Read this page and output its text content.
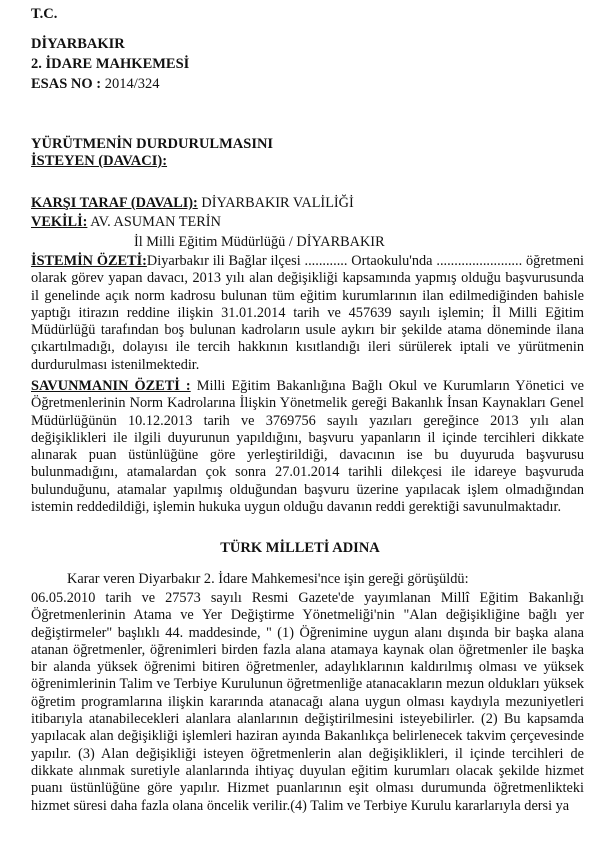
T.C.
DİYARBAKIR
2. İDARE MAHKEMESİ
ESAS NO : 2014/324
YÜRÜTMENİN DURDURULMASINI
İSTEYEN (DAVACI):
KARŞI TARAF (DAVALI): DİYARBAKIR VALİLİĞİ
VEKİLİ: AV. ASUMAN TERİN
İl Milli Eğitim Müdürlüğü / DİYARBAKIR
İSTEMİN ÖZETİ:Diyarbakır ili Bağlar ilçesi ............ Ortaokulu'nda ........................ öğretmeni olarak görev yapan davacı, 2013 yılı alan değişikliği kapsamında yapmış olduğu başvurusunda il genelinde açık norm kadrosu bulunan tüm eğitim kurumlarının ilan edilmediğinden bahisle yaptığı itirazın reddine ilişkin 31.01.2014 tarih ve 457639 sayılı işlemin; İl Milli Eğitim Müdürlüğü tarafından boş bulunan kadroların usule aykırı bir şekilde atama döneminde ilana çıkartılmadığı, dolayısı ile tercih hakkının kısıtlandığı ileri sürülerek iptali ve yürütmenin durdurulması istenilmektedir.
SAVUNMANIN ÖZETİ : Milli Eğitim Bakanlığına Bağlı Okul ve Kurumların Yönetici ve Öğretmenlerinin Norm Kadrolarına İlişkin Yönetmelik gereği Bakanlık İnsan Kaynakları Genel Müdürlüğünün 10.12.2013 tarih ve 3769756 sayılı yazıları gereğince 2013 yılı alan değişiklikleri ile ilgili duyurunun yapıldığını, başvuru yapanların il içinde tercihleri dikkate alınarak puan üstünlüğüne göre yerleştirildiği, davacının ise bu duyuruda başvurusu bulunmadığını, atamalardan çok sonra 27.01.2014 tarihli dilekçesi ile idareye başvuruda bulunduğunu, atamalar yapılmış olduğundan başvuru üzerine yapılacak işlem olmadığından istemin reddedildiği, işlemin hukuka uygun olduğu davanın reddi gerektiği savunulmaktadır.
TÜRK MİLLETİ ADINA
Karar veren Diyarbakır 2. İdare Mahkemesi'nce işin gereği görüşüldü:
06.05.2010 tarih ve 27573 sayılı Resmi Gazete'de yayımlanan Millî Eğitim Bakanlığı Öğretmenlerinin Atama ve Yer Değiştirme Yönetmeliği'nin "Alan değişikliğine bağlı yer değiştirmeler" başlıklı 44. maddesinde, " (1) Öğrenimine uygun alanı dışında bir başka alana atanan öğretmenler, öğrenimleri birden fazla alana atamaya kaynak olan öğretmenler ile başka bir alanda yüksek öğrenimi bitiren öğretmenler, adaylıklarının kaldırılmış olması ve yüksek öğrenimlerinin Talim ve Terbiye Kurulunun öğretmenliğe atanacakların mezun oldukları yüksek öğretim programlarına ilişkin kararında atanacağı alana uygun olması kaydıyla mezuniyetleri itibarıyla atanabilecekleri alanlara alanlarının değiştirilmesini isteyebilirler. (2) Bu kapsamda yapılacak alan değişikliği işlemleri haziran ayında Bakanlıkça belirlenecek takvim çerçevesinde yapılır. (3) Alan değişikliği isteyen öğretmenlerin alan değişiklikleri, il içinde tercihleri de dikkate alınmak suretiyle alanlarında ihtiyaç duyulan eğitim kurumları olacak şekilde hizmet puanı üstünlüğüne göre yapılır. Hizmet puanlarının eşit olması durumunda öğretmenlikteki hizmet süresi daha fazla olana öncelik verilir.(4) Talim ve Terbiye Kurulu kararlarıyla dersi ya
